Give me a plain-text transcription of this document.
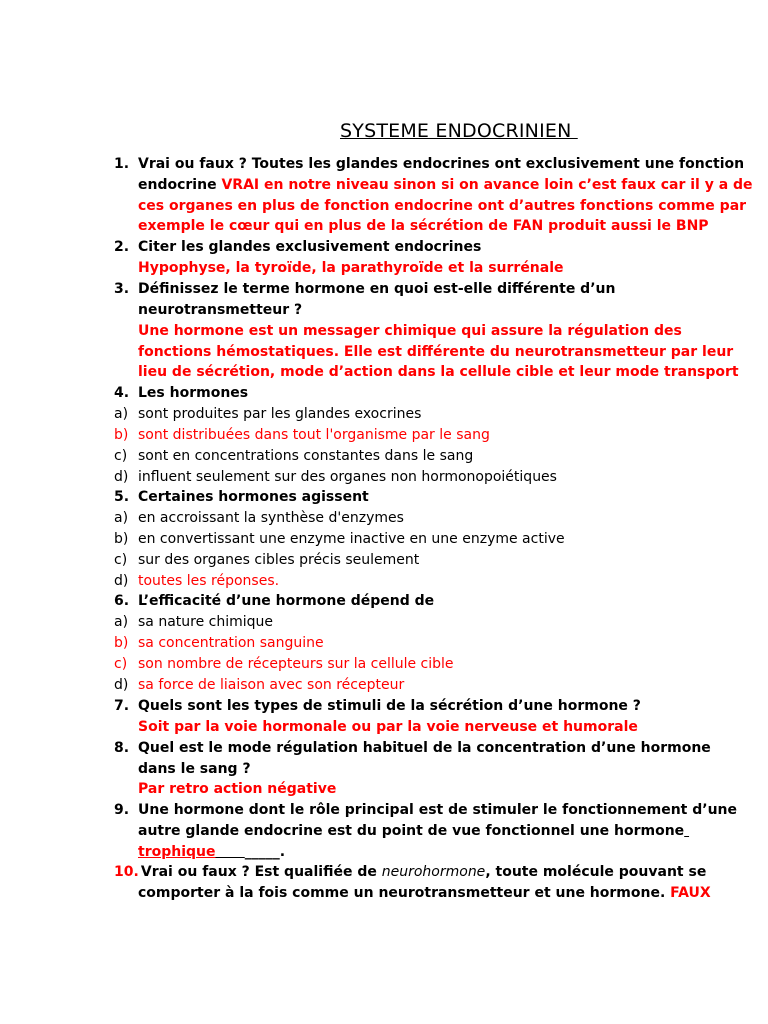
SYSTEME ENDOCRINIEN
1. Vrai ou faux ? Toutes les glandes endocrines ont exclusivement une fonction
endocrine VRAI en notre niveau sinon si on avance loin c’est faux car il y a de
ces organes en plus de fonction endocrine ont d’autres fonctions comme par
exemple le cœur qui en plus de la sécrétion de FAN produit aussi le BNP
2. Citer les glandes exclusivement endocrines
Hypophyse, la tyroïde, la parathyroïde et la surrénale
3. Définissez le terme hormone en quoi est-elle différente d’un
neurotransmetteur ?
Une hormone est un messager chimique qui assure la régulation des
fonctions hémostatiques. Elle est différente du neurotransmetteur par leur
lieu de sécrétion, mode d’action dans la cellule cible et leur mode transport
4. Les hormones
a) sont produites par les glandes exocrines
b) sont distribuées dans tout l'organisme par le sang
c) sont en concentrations constantes dans le sang
d) influent seulement sur des organes non hormonopoiétiques
5. Certaines hormones agissent
a) en accroissant la synthèse d'enzymes
b) en convertissant une enzyme inactive en une enzyme active
c) sur des organes cibles précis seulement
d) toutes les réponses.
6. L’efficacité d’une hormone dépend de
a) sa nature chimique
b) sa concentration sanguine
c) son nombre de récepteurs sur la cellule cible
d) sa force de liaison avec son récepteur
7. Quels sont les types de stimuli de la sécrétion d’une hormone ?
Soit par la voie hormonale ou par la voie nerveuse et humorale
8. Quel est le mode régulation habituel de la concentration d’une hormone
dans le sang ?
Par retro action négative
9. Une hormone dont le rôle principal est de stimuler le fonctionnement d’une
autre glande endocrine est du point de vue fonctionnel une hormone
trophique _____.
10.
Vrai ou faux ? Est qualifiée de neurohormone, toute molécule pouvant se
comporter à la fois comme un neurotransmetteur et une hormone. FAUX
